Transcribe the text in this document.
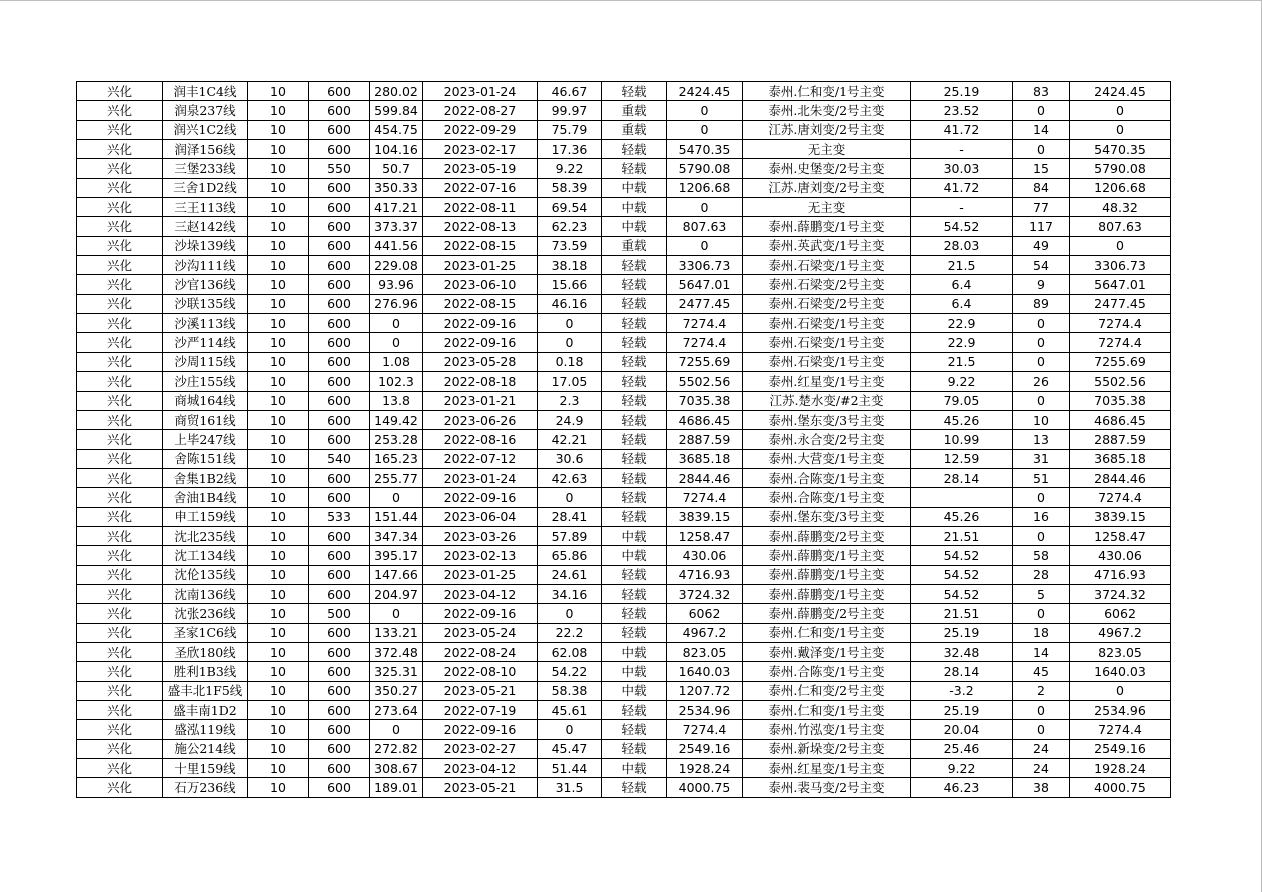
兴化	润丰1C4线	10	600	280.02	2023-01-24	46.67	轻载	2424.45	泰州.仁和变/1号主变	25.19	83	2424.45
兴化	润泉237线	10	600	599.84	2022-08-27	99.97	重载	0	泰州.北朱变/2号主变	23.52	0	0
兴化	润兴1C2线	10	600	454.75	2022-09-29	75.79	重载	0	江苏.唐刘变/2号主变	41.72	14	0
兴化	润泽156线	10	600	104.16	2023-02-17	17.36	轻载	5470.35	无主变	-	0	5470.35
兴化	三堡233线	10	550	50.7	2023-05-19	9.22	轻载	5790.08	泰州.史堡变/2号主变	30.03	15	5790.08
兴化	三舍1D2线	10	600	350.33	2022-07-16	58.39	中载	1206.68	江苏.唐刘变/2号主变	41.72	84	1206.68
兴化	三王113线	10	600	417.21	2022-08-11	69.54	中载	0	无主变	-	77	48.32
兴化	三赵142线	10	600	373.37	2022-08-13	62.23	中载	807.63	泰州.薛鹏变/1号主变	54.52	117	807.63
兴化	沙垛139线	10	600	441.56	2022-08-15	73.59	重载	0	泰州.英武变/1号主变	28.03	49	0
兴化	沙沟111线	10	600	229.08	2023-01-25	38.18	轻载	3306.73	泰州.石梁变/1号主变	21.5	54	3306.73
兴化	沙官136线	10	600	93.96	2023-06-10	15.66	轻载	5647.01	泰州.石梁变/2号主变	6.4	9	5647.01
兴化	沙联135线	10	600	276.96	2022-08-15	46.16	轻载	2477.45	泰州.石梁变/2号主变	6.4	89	2477.45
兴化	沙溪113线	10	600	0	2022-09-16	0	轻载	7274.4	泰州.石梁变/1号主变	22.9	0	7274.4
兴化	沙严114线	10	600	0	2022-09-16	0	轻载	7274.4	泰州.石梁变/1号主变	22.9	0	7274.4
兴化	沙周115线	10	600	1.08	2023-05-28	0.18	轻载	7255.69	泰州.石梁变/1号主变	21.5	0	7255.69
兴化	沙庄155线	10	600	102.3	2022-08-18	17.05	轻载	5502.56	泰州.红星变/1号主变	9.22	26	5502.56
兴化	商城164线	10	600	13.8	2023-01-21	2.3	轻载	7035.38	江苏.楚水变/#2主变	79.05	0	7035.38
兴化	商贸161线	10	600	149.42	2023-06-26	24.9	轻载	4686.45	泰州.堡东变/3号主变	45.26	10	4686.45
兴化	上毕247线	10	600	253.28	2022-08-16	42.21	轻载	2887.59	泰州.永合变/2号主变	10.99	13	2887.59
兴化	舍陈151线	10	540	165.23	2022-07-12	30.6	轻载	3685.18	泰州.大营变/1号主变	12.59	31	3685.18
兴化	舍集1B2线	10	600	255.77	2023-01-24	42.63	轻载	2844.46	泰州.合陈变/1号主变	28.14	51	2844.46
兴化	舍油1B4线	10	600	0	2022-09-16	0	轻载	7274.4	泰州.合陈变/1号主变		0	7274.4
兴化	申工159线	10	533	151.44	2023-06-04	28.41	轻载	3839.15	泰州.堡东变/3号主变	45.26	16	3839.15
兴化	沈北235线	10	600	347.34	2023-03-26	57.89	中载	1258.47	泰州.薛鹏变/2号主变	21.51	0	1258.47
兴化	沈工134线	10	600	395.17	2023-02-13	65.86	中载	430.06	泰州.薛鹏变/1号主变	54.52	58	430.06
兴化	沈伦135线	10	600	147.66	2023-01-25	24.61	轻载	4716.93	泰州.薛鹏变/1号主变	54.52	28	4716.93
兴化	沈南136线	10	600	204.97	2023-04-12	34.16	轻载	3724.32	泰州.薛鹏变/1号主变	54.52	5	3724.32
兴化	沈张236线	10	500	0	2022-09-16	0	轻载	6062	泰州.薛鹏变/2号主变	21.51	0	6062
兴化	圣家1C6线	10	600	133.21	2023-05-24	22.2	轻载	4967.2	泰州.仁和变/1号主变	25.19	18	4967.2
兴化	圣欣180线	10	600	372.48	2022-08-24	62.08	中载	823.05	泰州.戴泽变/1号主变	32.48	14	823.05
兴化	胜利1B3线	10	600	325.31	2022-08-10	54.22	中载	1640.03	泰州.合陈变/1号主变	28.14	45	1640.03
兴化	盛丰北1F5线	10	600	350.27	2023-05-21	58.38	中载	1207.72	泰州.仁和变/2号主变	-3.2	2	0
兴化	盛丰南1D2	10	600	273.64	2022-07-19	45.61	轻载	2534.96	泰州.仁和变/1号主变	25.19	0	2534.96
兴化	盛泓119线	10	600	0	2022-09-16	0	轻载	7274.4	泰州.竹泓变/1号主变	20.04	0	7274.4
兴化	施公214线	10	600	272.82	2023-02-27	45.47	轻载	2549.16	泰州.新垛变/2号主变	25.46	24	2549.16
兴化	十里159线	10	600	308.67	2023-04-12	51.44	中载	1928.24	泰州.红星变/1号主变	9.22	24	1928.24
兴化	石万236线	10	600	189.01	2023-05-21	31.5	轻载	4000.75	泰州.裴马变/2号主变	46.23	38	4000.75
